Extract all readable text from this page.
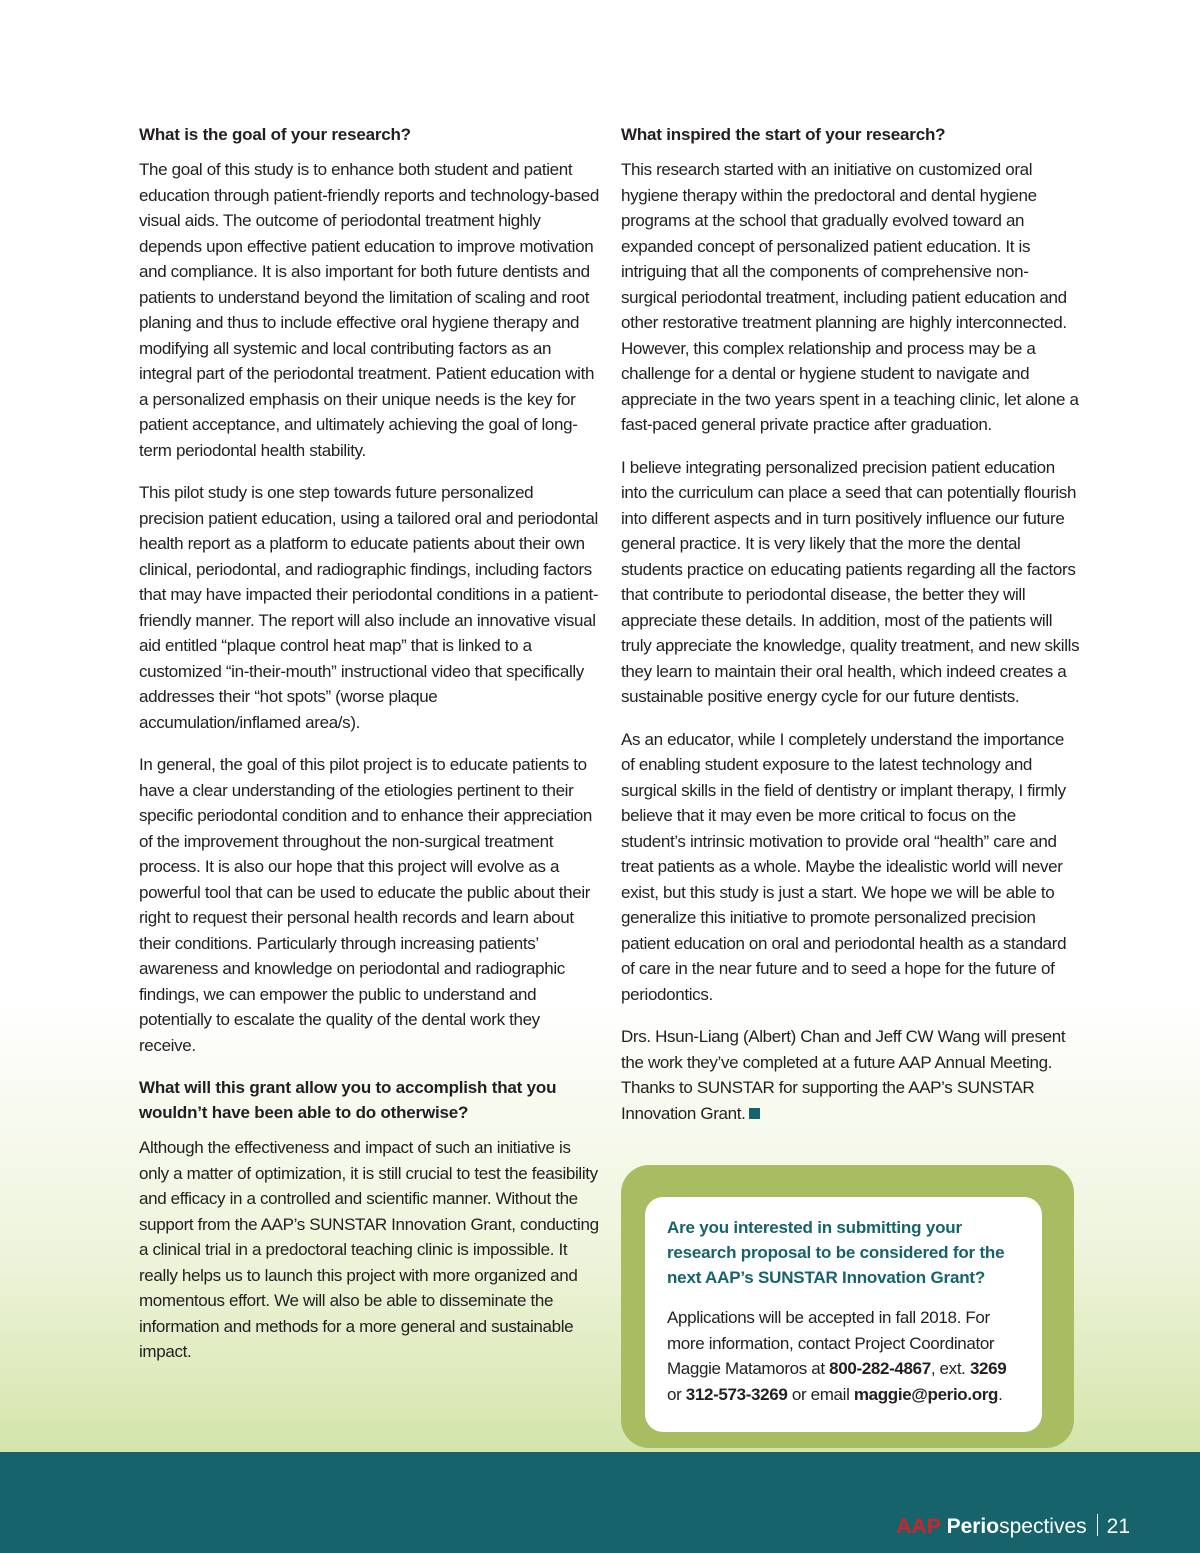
What is the goal of your research?

The goal of this study is to enhance both student and patient education through patient-friendly reports and technology-based visual aids. The outcome of periodontal treatment highly depends upon effective patient education to improve motivation and compliance. It is also important for both future dentists and patients to understand beyond the limitation of scaling and root planing and thus to include effective oral hygiene therapy and modifying all systemic and local contributing factors as an integral part of the periodontal treatment. Patient education with a personalized emphasis on their unique needs is the key for patient acceptance, and ultimately achieving the goal of long-term periodontal health stability.

This pilot study is one step towards future personalized precision patient education, using a tailored oral and periodontal health report as a platform to educate patients about their own clinical, periodontal, and radiographic findings, including factors that may have impacted their periodontal conditions in a patient-friendly manner. The report will also include an innovative visual aid entitled “plaque control heat map” that is linked to a customized “in-their-mouth” instructional video that specifically addresses their “hot spots” (worse plaque accumulation/inflamed area/s).

In general, the goal of this pilot project is to educate patients to have a clear understanding of the etiologies pertinent to their specific periodontal condition and to enhance their appreciation of the improvement throughout the non-surgical treatment process. It is also our hope that this project will evolve as a powerful tool that can be used to educate the public about their right to request their personal health records and learn about their conditions. Particularly through increasing patients’ awareness and knowledge on periodontal and radiographic findings, we can empower the public to understand and potentially to escalate the quality of the dental work they receive.

What will this grant allow you to accomplish that you wouldn’t have been able to do otherwise?

Although the effectiveness and impact of such an initiative is only a matter of optimization, it is still crucial to test the feasibility and efficacy in a controlled and scientific manner. Without the support from the AAP’s SUNSTAR Innovation Grant, conducting a clinical trial in a predoctoral teaching clinic is impossible. It really helps us to launch this project with more organized and momentous effort. We will also be able to disseminate the information and methods for a more general and sustainable impact.

What inspired the start of your research?

This research started with an initiative on customized oral hygiene therapy within the predoctoral and dental hygiene programs at the school that gradually evolved toward an expanded concept of personalized patient education. It is intriguing that all the components of comprehensive non-surgical periodontal treatment, including patient education and other restorative treatment planning are highly interconnected. However, this complex relationship and process may be a challenge for a dental or hygiene student to navigate and appreciate in the two years spent in a teaching clinic, let alone a fast-paced general private practice after graduation.

I believe integrating personalized precision patient education into the curriculum can place a seed that can potentially flourish into different aspects and in turn positively influence our future general practice. It is very likely that the more the dental students practice on educating patients regarding all the factors that contribute to periodontal disease, the better they will appreciate these details. In addition, most of the patients will truly appreciate the knowledge, quality treatment, and new skills they learn to maintain their oral health, which indeed creates a sustainable positive energy cycle for our future dentists.

As an educator, while I completely understand the importance of enabling student exposure to the latest technology and surgical skills in the field of dentistry or implant therapy, I firmly believe that it may even be more critical to focus on the student’s intrinsic motivation to provide oral “health” care and treat patients as a whole. Maybe the idealistic world will never exist, but this study is just a start. We hope we will be able to generalize this initiative to promote personalized precision patient education on oral and periodontal health as a standard of care in the near future and to seed a hope for the future of periodontics.

Drs. Hsun-Liang (Albert) Chan and Jeff CW Wang will present the work they’ve completed at a future AAP Annual Meeting. Thanks to SUNSTAR for supporting the AAP’s SUNSTAR Innovation Grant.

Are you interested in submitting your research proposal to be considered for the next AAP’s SUNSTAR Innovation Grant?

Applications will be accepted in fall 2018. For more information, contact Project Coordinator Maggie Matamoros at 800-282-4867, ext. 3269 or 312-573-3269 or email maggie@perio.org.

AAP Periospectives 21
